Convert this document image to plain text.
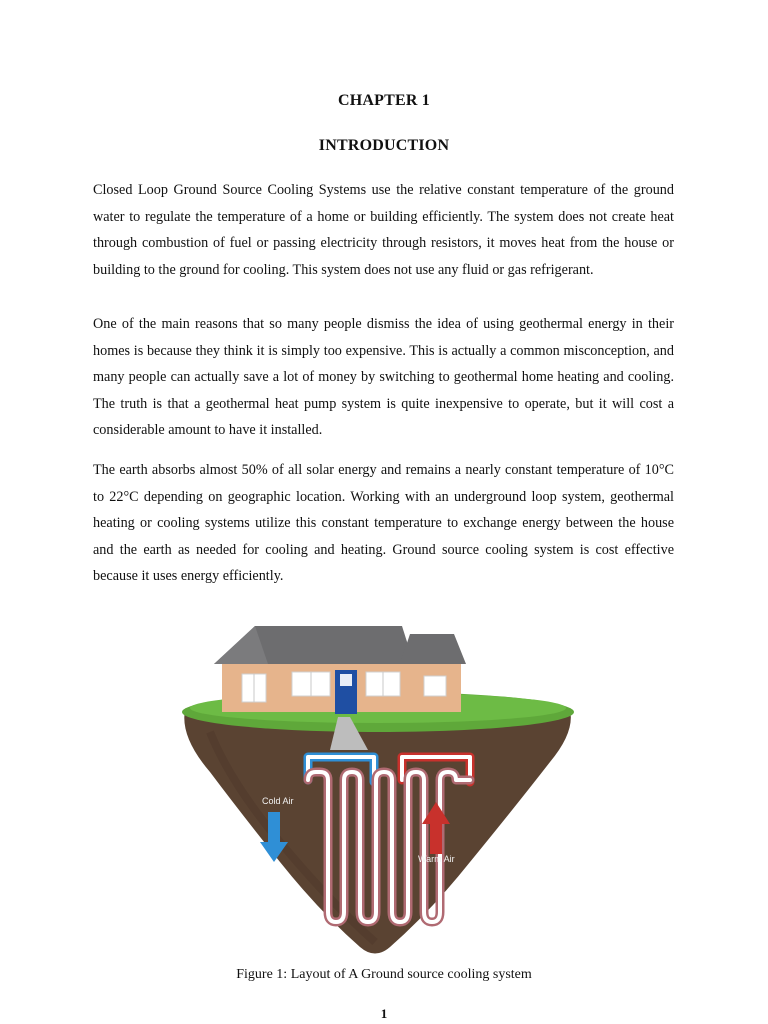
CHAPTER 1
INTRODUCTION

Closed Loop Ground Source Cooling Systems use the relative constant temperature of the ground water to regulate the temperature of a home or building efficiently. The system does not create heat through combustion of fuel or passing electricity through resistors, it moves heat from the house or building to the ground for cooling. This system does not use any fluid or gas refrigerant.

One of the main reasons that so many people dismiss the idea of using geothermal energy in their homes is because they think it is simply too expensive. This is actually a common misconception, and many people can actually save a lot of money by switching to geothermal home heating and cooling. The truth is that a geothermal heat pump system is quite inexpensive to operate, but it will cost a considerable amount to have it installed.

The earth absorbs almost 50% of all solar energy and remains a nearly constant temperature of 10°C to 22°C depending on geographic location. Working with an underground loop system, geothermal heating or cooling systems utilize this constant temperature to exchange energy between the house and the earth as needed for cooling and heating. Ground source cooling system is cost effective because it uses energy efficiently.

Cold Air
Warm Air
Figure 1: Layout of A Ground source cooling system
1
